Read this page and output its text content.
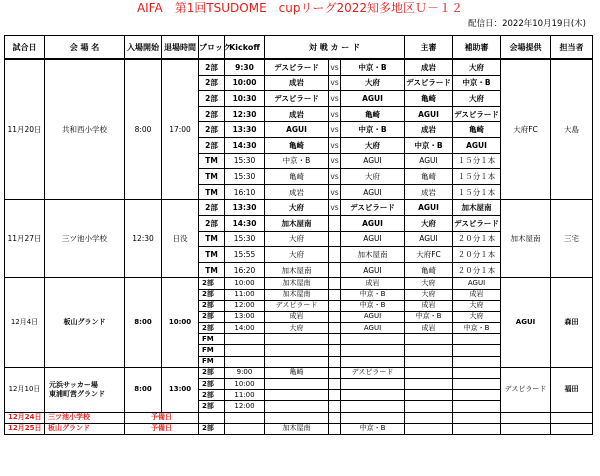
AIFA　第1回TSUDOME　cupリーグ2022知多地区Ｕ－１２
配信日：2022年10月19日(木)
試合日	会 場 名	入場開始	退場時間	ブロック	Kickoff	対 戦 カ ー ド			主審	補助審	会場提供	担当者
11月20日	共和西小学校	8:00	17:00	2部	9:30	デスピラード	vs	中京・B	成岩	大府	大府FC	大島
				2部	10:00	成岩	vs	大府	デスピラード	中京・B		
				2部	10:30	デスピラード	vs	AGUI	亀崎	大府		
				2部	12:30	成岩	vs	亀崎	AGUI	デスピラード		
				2部	13:30	AGUI	vs	中京・B	成岩	亀崎		
				2部	14:30	亀崎	vs	大府	中京・B	AGUI		
				TM	15:30	中京・B	vs	AGUI	AGUI	１５分１本		
				TM	15:30	亀崎	vs	大府	亀崎	１５分１本		
				TM	16:10	成岩	vs	AGUI	成岩	１５分１本		
11月27日	三ツ池小学校	12:30	日没	2部	13:30	大府	vs	デスピラード	AGUI	加木屋南	加木屋南	三宅
				2部	14:30	加木屋南		AGUI	大府	デスピラード		
				TM	15:30	大府		AGUI	AGUI	２０分１本		
				TM	15:55	大府		加木屋南	大府FC	２０分１本		
				TM	16:20	加木屋南		AGUI	亀崎	２０分１本		
12月4日	板山グランド	8:00	10:00	2部	10:00	加木屋南		成岩	大府	AGUI	AGUI	森田
				2部	11:00	加木屋南		中京・B	大府	成岩		
				2部	12:00	デスピラード		中京・B	成岩	大府		
				2部	13:00	成岩		AGUI	中京・B	大府		
				2部	14:00	大府		AGUI	成岩	中京・B		
				FM								
				FM								
				FM								
12月10日	元浜サッカー場
東浦町営グランド	8:00	13:00	2部	9:00	亀崎		デスピラード			デスピラード	福田
				2部	10:00							
				2部	11:00							
				2部	12:00							
12月24日	三ツ池小学校	予備日										
12月25日	板山グランド	予備日		2部		加木屋南		中京・B				
